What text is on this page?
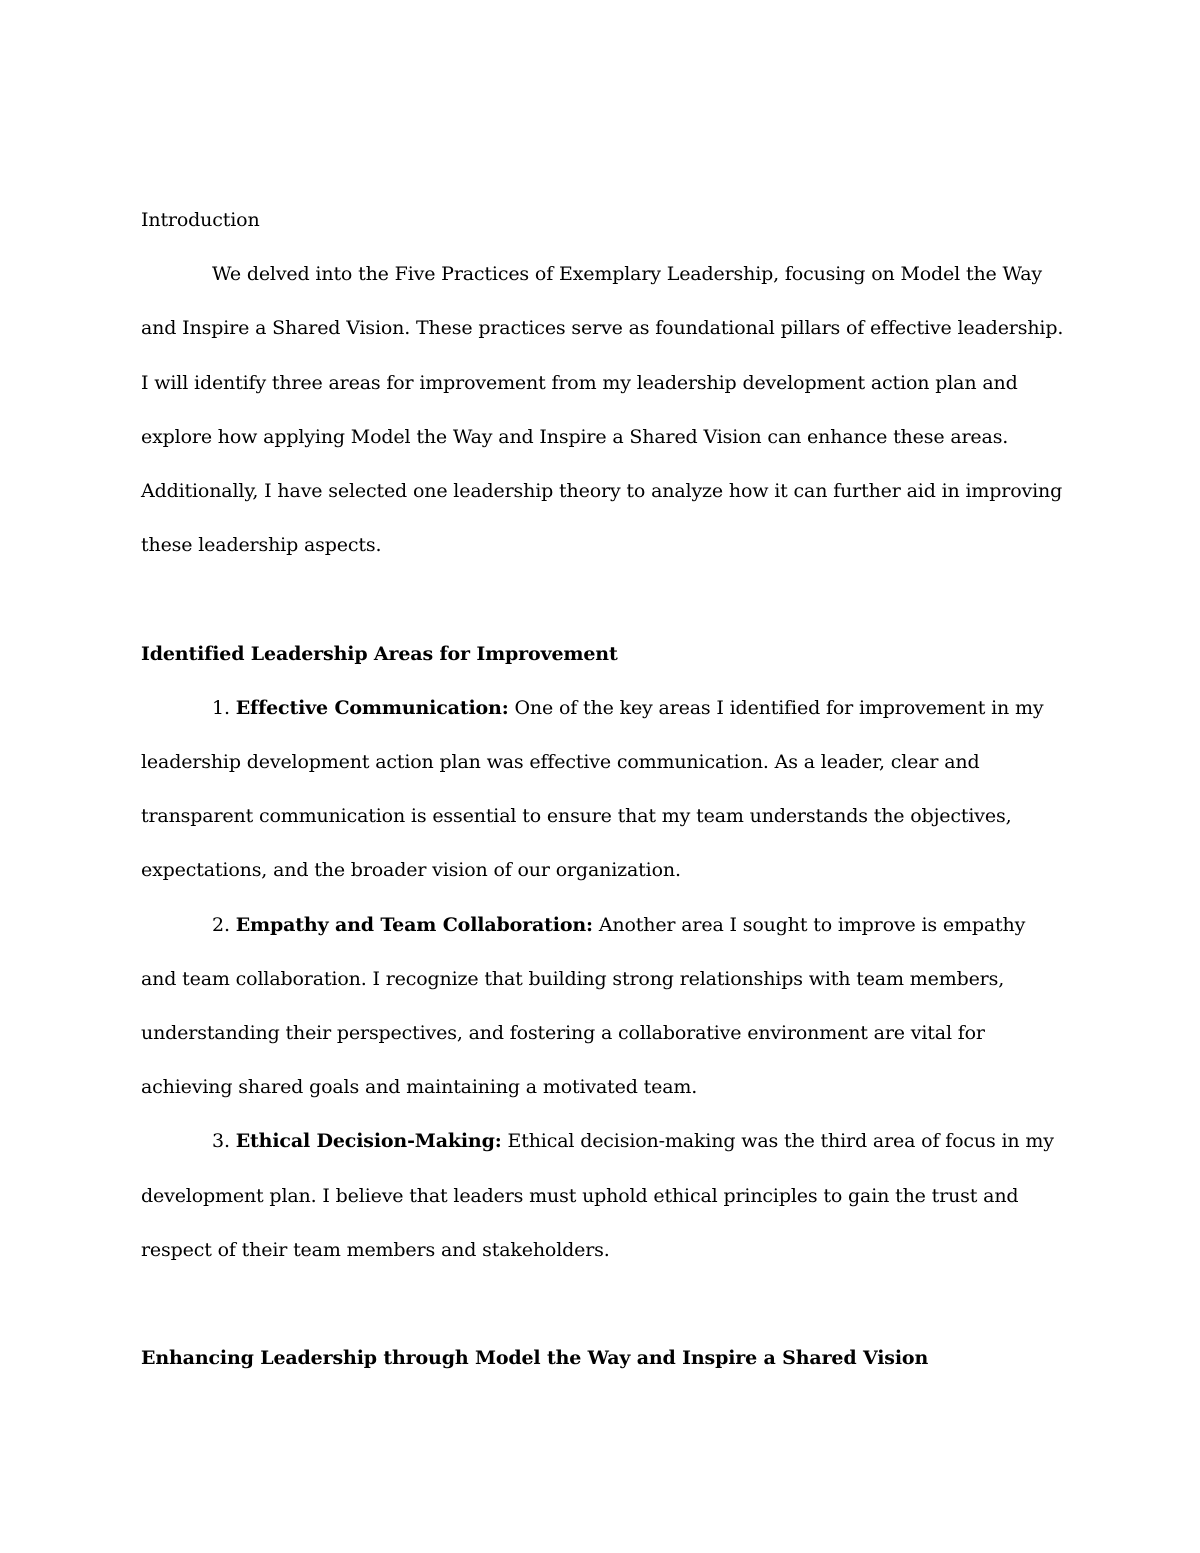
Introduction

We delved into the Five Practices of Exemplary Leadership, focusing on Model the Way and Inspire a Shared Vision. These practices serve as foundational pillars of effective leadership. I will identify three areas for improvement from my leadership development action plan and explore how applying Model the Way and Inspire a Shared Vision can enhance these areas. Additionally, I have selected one leadership theory to analyze how it can further aid in improving these leadership aspects.

Identified Leadership Areas for Improvement

1. Effective Communication: One of the key areas I identified for improvement in my leadership development action plan was effective communication. As a leader, clear and transparent communication is essential to ensure that my team understands the objectives, expectations, and the broader vision of our organization.

2. Empathy and Team Collaboration: Another area I sought to improve is empathy and team collaboration. I recognize that building strong relationships with team members, understanding their perspectives, and fostering a collaborative environment are vital for achieving shared goals and maintaining a motivated team.

3. Ethical Decision-Making: Ethical decision-making was the third area of focus in my development plan. I believe that leaders must uphold ethical principles to gain the trust and respect of their team members and stakeholders.

Enhancing Leadership through Model the Way and Inspire a Shared Vision
